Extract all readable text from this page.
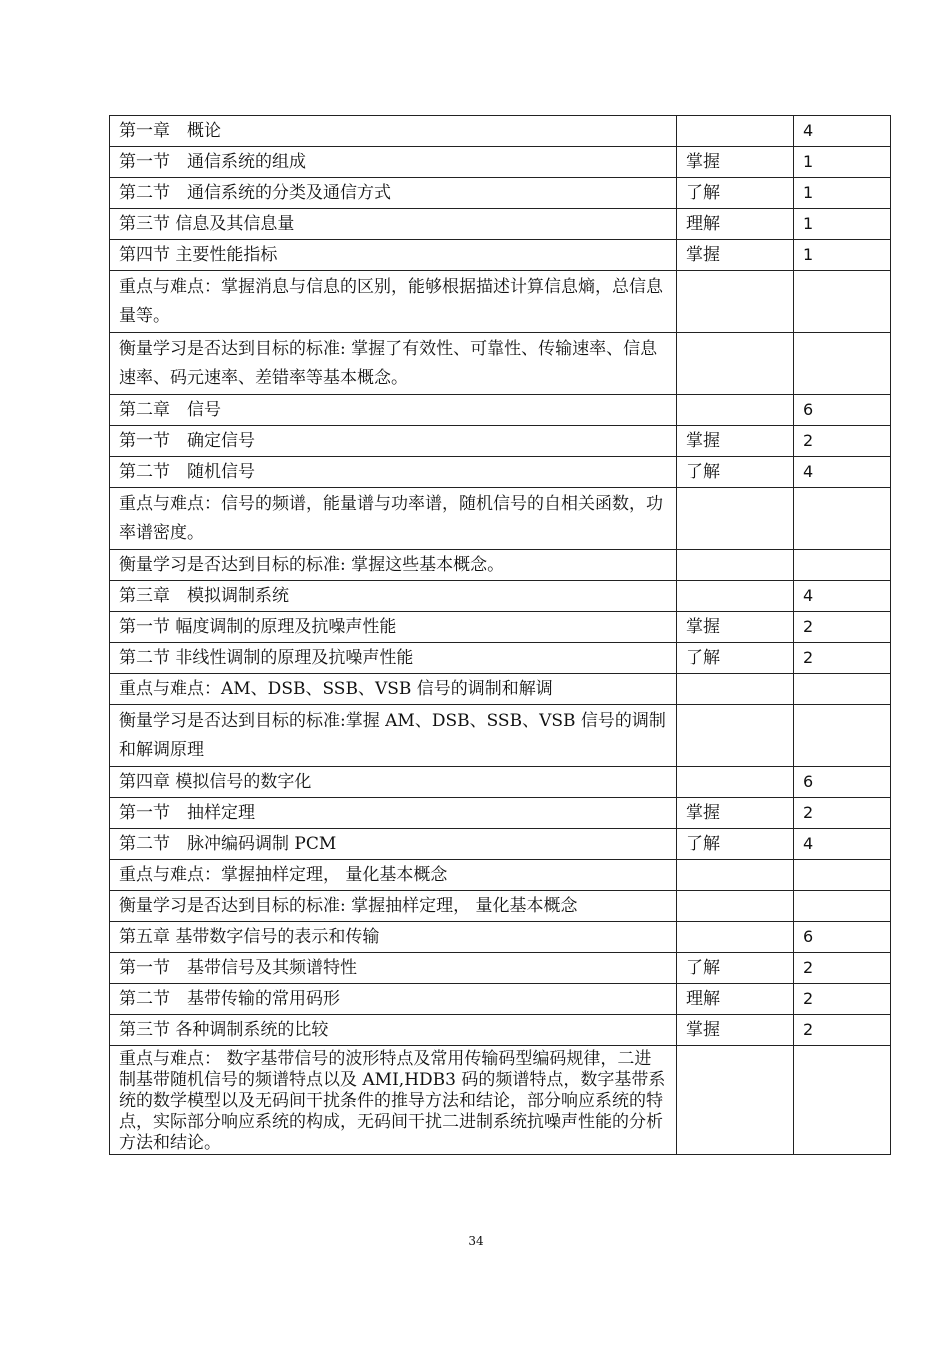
第一章　概论		4
第一节　通信系统的组成	掌握	1
第二节　通信系统的分类及通信方式	了解	1
第三节 信息及其信息量	理解	1
第四节 主要性能指标	掌握	1
重点与难点：掌握消息与信息的区别，能够根据描述计算信息熵，总信息量等。		
衡量学习是否达到目标的标准: 掌握了有效性、可靠性、传输速率、信息速率、码元速率、差错率等基本概念。		
第二章　信号		6
第一节　确定信号	掌握	2
第二节　随机信号	了解	4
重点与难点：信号的频谱，能量谱与功率谱，随机信号的自相关函数，功率谱密度。		
衡量学习是否达到目标的标准: 掌握这些基本概念。		
第三章　模拟调制系统		4
第一节 幅度调制的原理及抗噪声性能	掌握	2
第二节 非线性调制的原理及抗噪声性能	了解	2
重点与难点：AM、DSB、SSB、VSB 信号的调制和解调		
衡量学习是否达到目标的标准:掌握 AM、DSB、SSB、VSB 信号的调制和解调原理		
第四章 模拟信号的数字化		6
第一节　抽样定理	掌握	2
第二节　脉冲编码调制 PCM	了解	4
重点与难点：掌握抽样定理， 量化基本概念		
衡量学习是否达到目标的标准: 掌握抽样定理， 量化基本概念		
第五章 基带数字信号的表示和传输		6
第一节　基带信号及其频谱特性	了解	2
第二节　基带传输的常用码形	理解	2
第三节 各种调制系统的比较	掌握	2
重点与难点： 数字基带信号的波形特点及常用传输码型编码规律，二进制基带随机信号的频谱特点以及 AMI,HDB3 码的频谱特点，数字基带系统的数学模型以及无码间干扰条件的推导方法和结论，部分响应系统的特点，实际部分响应系统的构成，无码间干扰二进制系统抗噪声性能的分析方法和结论。		
34
